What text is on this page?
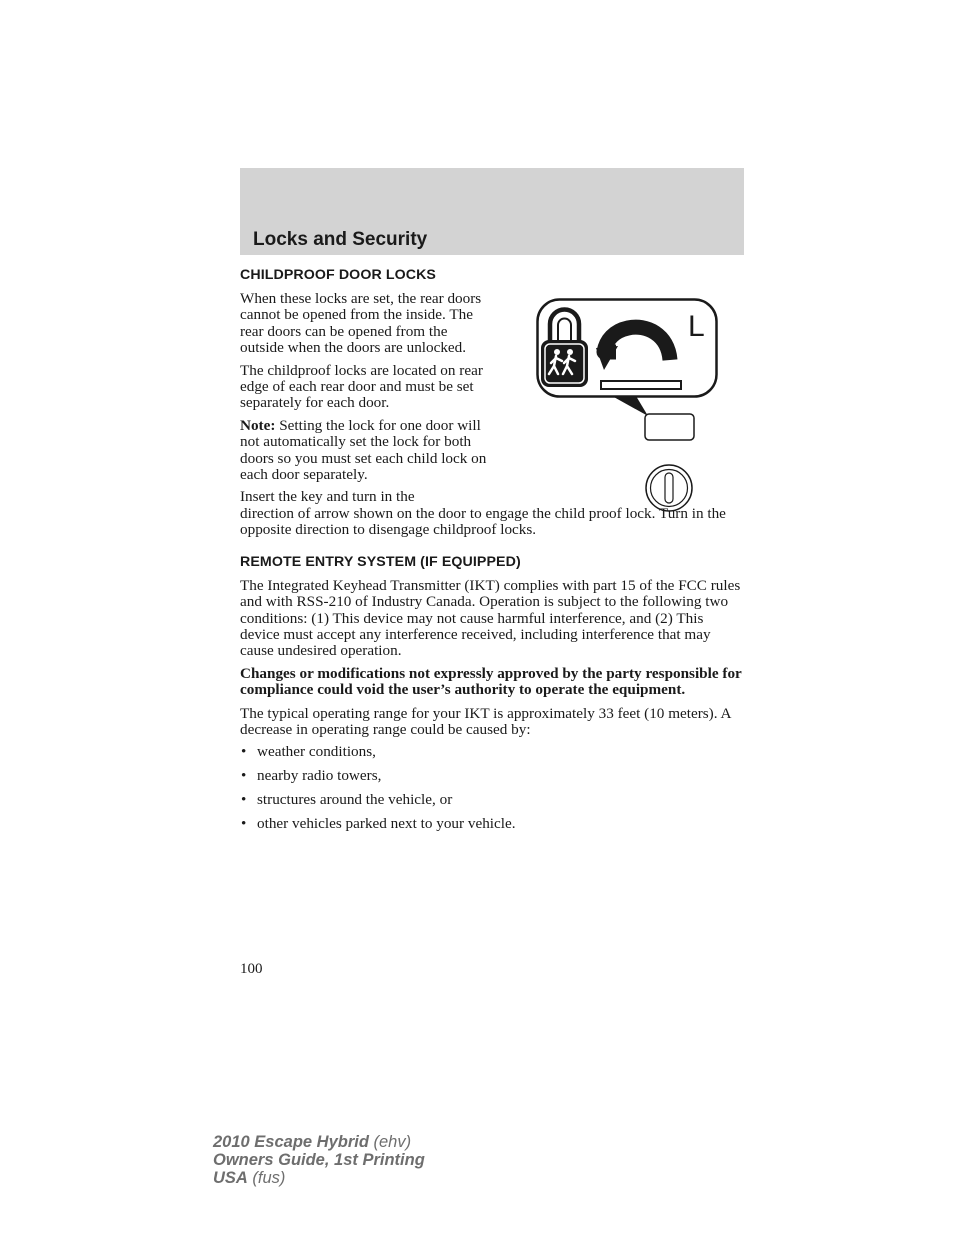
Locks and Security
L
CHILDPROOF DOOR LOCKS

When these locks are set, the rear doors cannot be opened from the inside. The rear doors can be opened from the outside when the doors are unlocked.

The childproof locks are located on rear edge of each rear door and must be set separately for each door.

Note: Setting the lock for one door will not automatically set the lock for both doors so you must set each child lock on each door separately.

Insert the key and turn in the
direction of arrow shown on the door to engage the child proof lock. Turn in the opposite direction to disengage childproof locks.

REMOTE ENTRY SYSTEM (IF EQUIPPED)

The Integrated Keyhead Transmitter (IKT) complies with part 15 of the FCC rules and with RSS-210 of Industry Canada. Operation is subject to the following two conditions: (1) This device may not cause harmful interference, and (2) This device must accept any interference received, including interference that may cause undesired operation.

Changes or modifications not expressly approved by the party responsible for compliance could void the user’s authority to operate the equipment.

The typical operating range for your IKT is approximately 33 feet (10 meters). A decrease in operating range could be caused by:

• weather conditions,
• nearby radio towers,
• structures around the vehicle, or
• other vehicles parked next to your vehicle.
100
2010 Escape Hybrid (ehv)
Owners Guide, 1st Printing
USA (fus)
